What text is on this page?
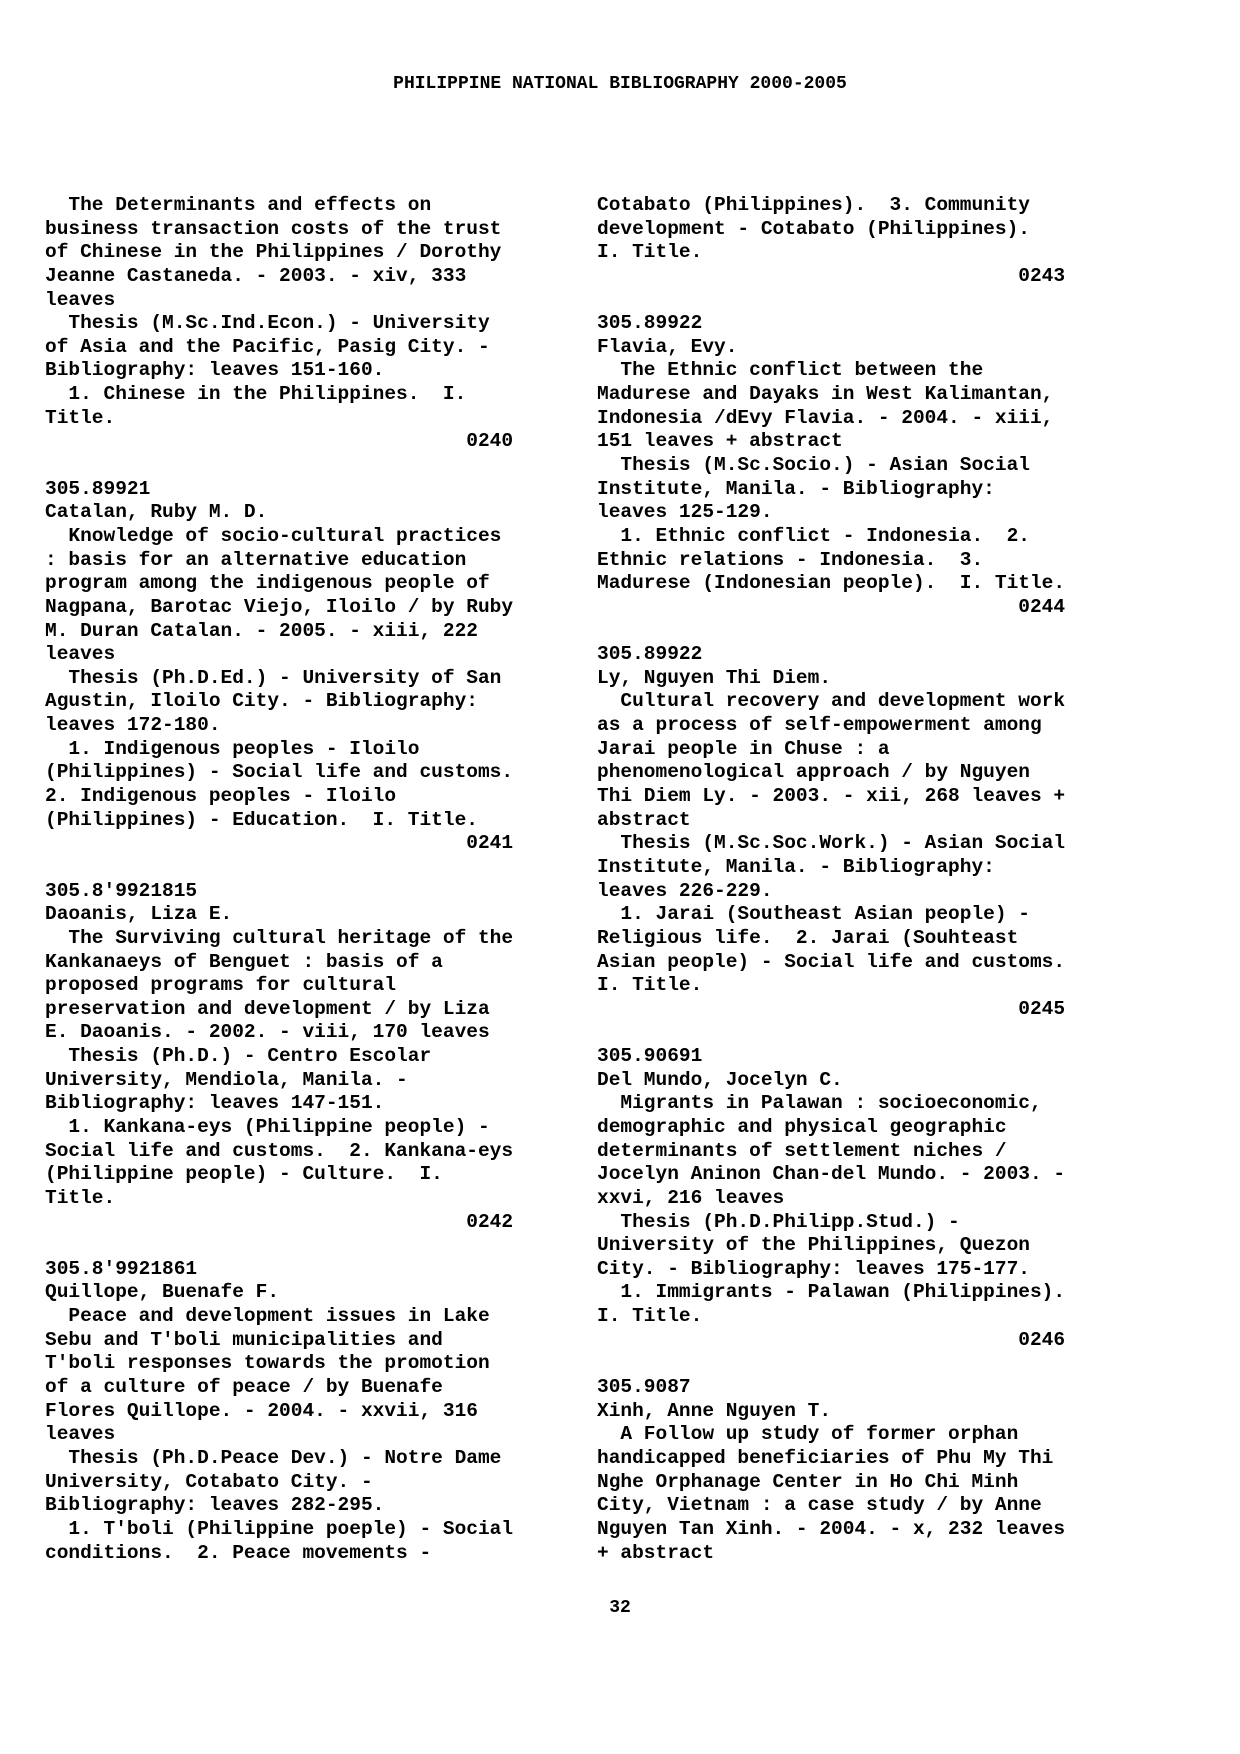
PHILIPPINE NATIONAL BIBLIOGRAPHY 2000-2005
The Determinants and effects on
business transaction costs of the trust
of Chinese in the Philippines / Dorothy
Jeanne Castaneda. - 2003. - xiv, 333
leaves
Thesis (M.Sc.Ind.Econ.) - University
of Asia and the Pacific, Pasig City. -
Bibliography: leaves 151-160.
1. Chinese in the Philippines.  I.
Title.
0240
305.89921
Catalan, Ruby M. D.
Knowledge of socio-cultural practices
: basis for an alternative education
program among the indigenous people of
Nagpana, Barotac Viejo, Iloilo / by Ruby
M. Duran Catalan. - 2005. - xiii, 222
leaves
Thesis (Ph.D.Ed.) - University of San
Agustin, Iloilo City. - Bibliography:
leaves 172-180.
1. Indigenous peoples - Iloilo
(Philippines) - Social life and customs.
2. Indigenous peoples - Iloilo
(Philippines) - Education.  I. Title.
0241
305.8'9921815
Daoanis, Liza E.
The Surviving cultural heritage of the
Kankanaeys of Benguet : basis of a
proposed programs for cultural
preservation and development / by Liza
E. Daoanis. - 2002. - viii, 170 leaves
Thesis (Ph.D.) - Centro Escolar
University, Mendiola, Manila. -
Bibliography: leaves 147-151.
1. Kankana-eys (Philippine people) -
Social life and customs.  2. Kankana-eys
(Philippine people) - Culture.  I.
Title.
0242
305.8'9921861
Quillope, Buenafe F.
Peace and development issues in Lake
Sebu and T'boli municipalities and
T'boli responses towards the promotion
of a culture of peace / by Buenafe
Flores Quillope. - 2004. - xxvii, 316
leaves
Thesis (Ph.D.Peace Dev.) - Notre Dame
University, Cotabato City. -
Bibliography: leaves 282-295.
1. T'boli (Philippine poeple) - Social
conditions.  2. Peace movements -
Cotabato (Philippines).  3. Community
development - Cotabato (Philippines).
I. Title.
0243
305.89922
Flavia, Evy.
The Ethnic conflict between the
Madurese and Dayaks in West Kalimantan,
Indonesia /dEvy Flavia. - 2004. - xiii,
151 leaves + abstract
Thesis (M.Sc.Socio.) - Asian Social
Institute, Manila. - Bibliography:
leaves 125-129.
1. Ethnic conflict - Indonesia.  2.
Ethnic relations - Indonesia.  3.
Madurese (Indonesian people).  I. Title.
0244
305.89922
Ly, Nguyen Thi Diem.
Cultural recovery and development work
as a process of self-empowerment among
Jarai people in Chuse : a
phenomenological approach / by Nguyen
Thi Diem Ly. - 2003. - xii, 268 leaves +
abstract
Thesis (M.Sc.Soc.Work.) - Asian Social
Institute, Manila. - Bibliography:
leaves 226-229.
1. Jarai (Southeast Asian people) -
Religious life.  2. Jarai (Souhteast
Asian people) - Social life and customs.
I. Title.
0245
305.90691
Del Mundo, Jocelyn C.
Migrants in Palawan : socioeconomic,
demographic and physical geographic
determinants of settlement niches /
Jocelyn Aninon Chan-del Mundo. - 2003. -
xxvi, 216 leaves
Thesis (Ph.D.Philipp.Stud.) -
University of the Philippines, Quezon
City. - Bibliography: leaves 175-177.
1. Immigrants - Palawan (Philippines).
I. Title.
0246
305.9087
Xinh, Anne Nguyen T.
A Follow up study of former orphan
handicapped beneficiaries of Phu My Thi
Nghe Orphanage Center in Ho Chi Minh
City, Vietnam : a case study / by Anne
Nguyen Tan Xinh. - 2004. - x, 232 leaves
+ abstract
32
